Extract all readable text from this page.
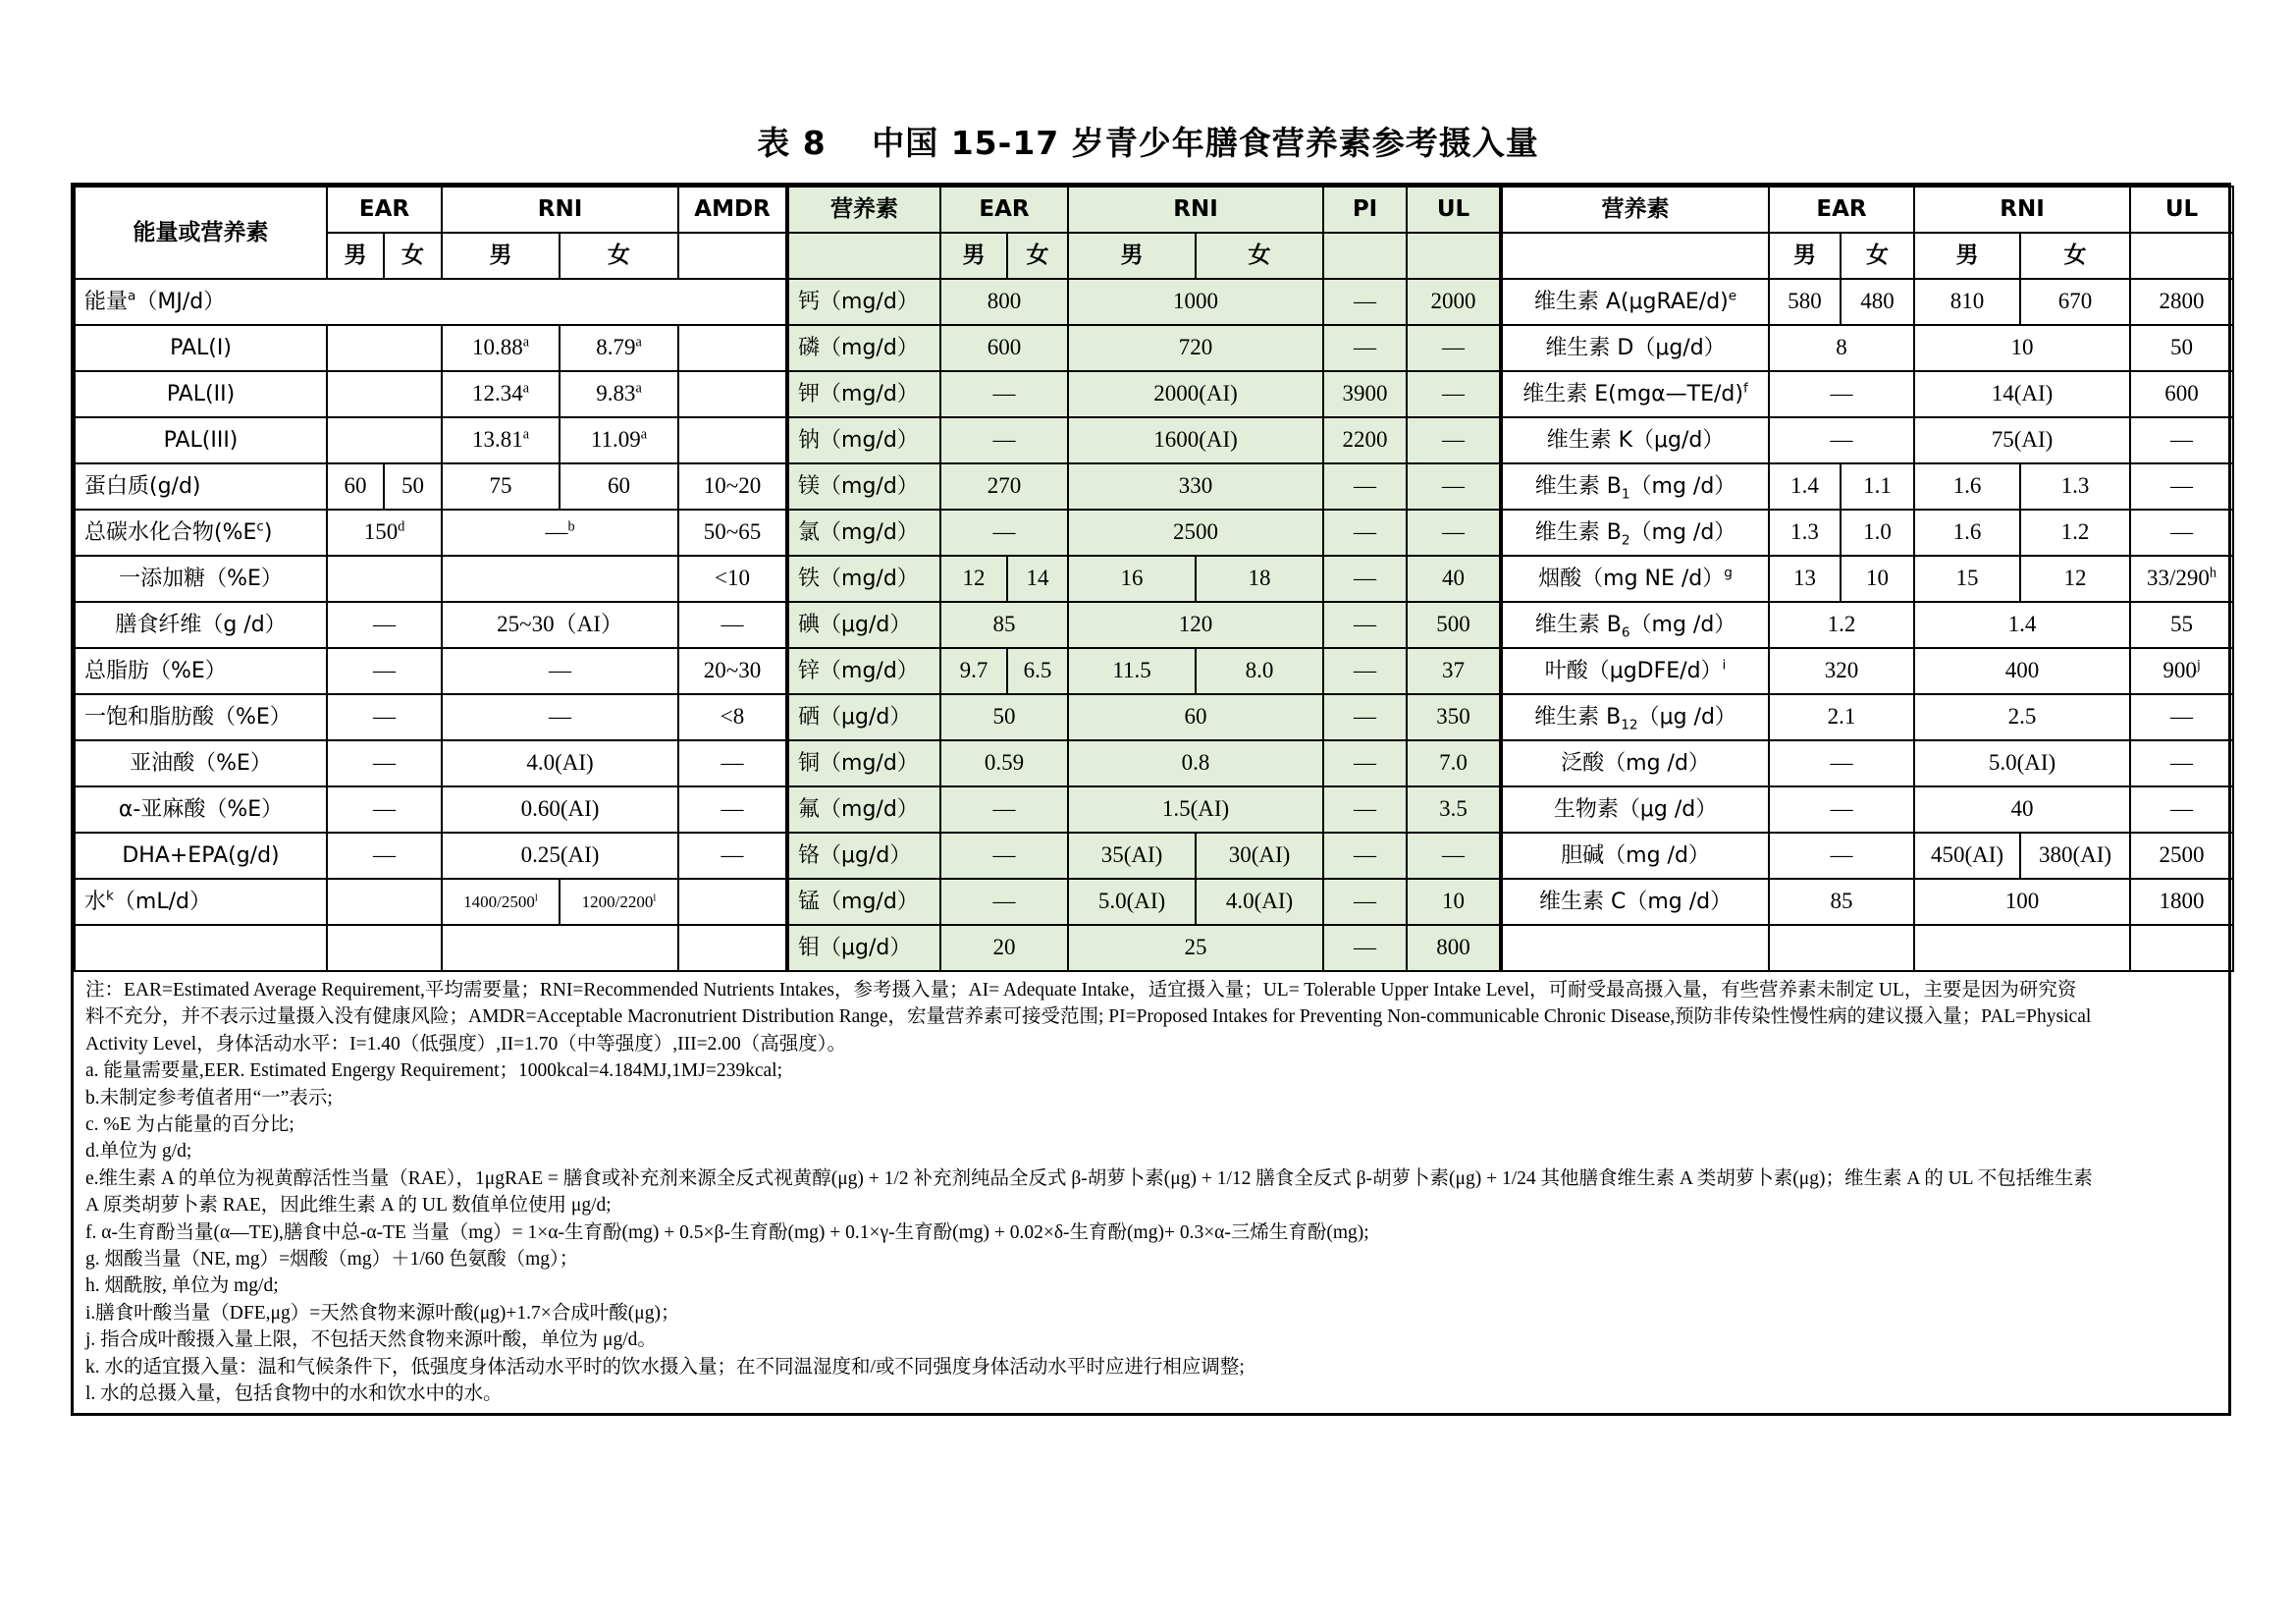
表 8　 中国 15-17 岁青少年膳食营养素参考摄入量
能量或营养素	EAR		RNI		AMDR
	男	女	男	女	
能量$^a$（MJ/d）					
PAL(I)			10.88$^a$	8.79$^a$	
PAL(II)			12.34$^a$	9.83$^a$	
PAL(III)			13.81$^a$	11.09$^a$	
蛋白质(g/d)	60	50	75	60	10~20
总碳水化合物$(\%E^c)$	150$^d$		—$^b$		50~65
一添加糖（%E）					<10
膳食纤维（g /d）	—		25~30（AI）		—
总脂肪（%E）	—		—		20~30
一饱和脂肪酸（%E）	—		—		<8
亚油酸（%E）	—		4.0(AI)		—
α-亚麻酸（%E）	—		0.60(AI)		—
DHA+EPA(g/d)	—		0.25(AI)		—
水$^k$（mL/d）			1400/2500$^l$	1200/2200$^l$	

营养素	EAR		RNI		PI	UL
	男	女	男	女		
钙（mg/d）	800		1000		—	2000
磷（mg/d）	600		720		—	—
钾（mg/d）	—		2000(AI)		3900	—
钠（mg/d）	—		1600(AI)		2200	—
镁（mg/d）	270		330		—	—
氯（mg/d）	—		2500		—	—
铁（mg/d）	12	14	16	18	—	40
碘（μg/d）	85		120		—	500
锌（mg/d）	9.7	6.5	11.5	8.0	—	37
硒（μg/d）	50		60		—	350
铜（mg/d）	0.59		0.8		—	7.0
氟（mg/d）	—		1.5(AI)		—	3.5
铬（μg/d）	—		35(AI)	30(AI)	—	—
锰（mg/d）	—		5.0(AI)	4.0(AI)	—	10
钼（μg/d）	20		25		—	800
营养素	EAR		RNI		UL
	男	女	男	女	
维生素 A(μgRAE/d)$^e$	580	480	810	670	2800
维生素 D（μg/d）	8		10		50
维生素 E(mgα—TE/d)$^f$	—		14(AI)		600
维生素 K（μg/d）	—		75(AI)		—
维生素 $B_1(mg$ /d）	1.4	1.1	1.6	1.3	—
维生素 $B_2(mg$ /d）	1.3	1.0	1.6	1.2	—
烟酸（mg NE /d）$^g$	13	10	15	12	33/290$^h$
维生素 $B_6(mg$ /d）	1.2		1.4		55
叶酸（μgDFE/d）$^i$	320		400		900$^j$
维生素 $B_{12}(\mu g$ /d）	2.1		2.5		—
泛酸（mg /d）	—		5.0(AI)		—
生物素（μg /d）	—		40		—
胆碱（mg /d）	—		450(AI)	380(AI)	2500
维生素 C（mg /d）	85		100		1800

注：EAR=Estimated Average Requirement,平均需要量；RNI=Recommended Nutrients Intakes，参考摄入量；AI= Adequate Intake，适宜摄入量；UL= Tolerable Upper Intake Level，可耐受最高摄入量，有些营养素未制定 UL，主要是因为研究资
料不充分，并不表示过量摄入没有健康风险；AMDR=Acceptable Macronutrient Distribution Range，宏量营养素可接受范围; PI=Proposed Intakes for Preventing Non-communicable Chronic Disease,预防非传染性慢性病的建议摄入量；PAL=Physical
Activity Level，身体活动水平：I=1.40（低强度）,II=1.70（中等强度）,III=2.00（高强度）。
a. 能量需要量,EER. Estimated Engergy Requirement；1000kcal=4.184MJ,1MJ=239kcal;
b.未制定参考值者用“一”表示;
c. %E 为占能量的百分比;
d.单位为 g/d;
e.维生素 A 的单位为视黄醇活性当量（RAE），1μgRAE = 膳食或补充剂来源全反式视黄醇(μg) + 1/2 补充剂纯品全反式 β-胡萝卜素(μg) + 1/12 膳食全反式 β-胡萝卜素(μg) + 1/24 其他膳食维生素 A 类胡萝卜素(μg)；维生素 A 的 UL 不包括维生素
A 原类胡萝卜素 RAE，因此维生素 A 的 UL 数值单位使用 μg/d;
f. α-生育酚当量(α—TE),膳食中总-α-TE 当量（mg）= 1×α-生育酚(mg) + 0.5×β-生育酚(mg) + 0.1×γ-生育酚(mg) + 0.02×δ-生育酚(mg)+ 0.3×α-三烯生育酚(mg);
g. 烟酸当量（NE, mg）=烟酸（mg）＋1/60 色氨酸（mg）；
h. 烟酰胺, 单位为 mg/d;
i.膳食叶酸当量（DFE,μg）=天然食物来源叶酸(μg)+1.7×合成叶酸(μg)；
j. 指合成叶酸摄入量上限，不包括天然食物来源叶酸，单位为 μg/d。
k. 水的适宜摄入量：温和气候条件下，低强度身体活动水平时的饮水摄入量；在不同温湿度和/或不同强度身体活动水平时应进行相应调整;
l. 水的总摄入量，包括食物中的水和饮水中的水。
